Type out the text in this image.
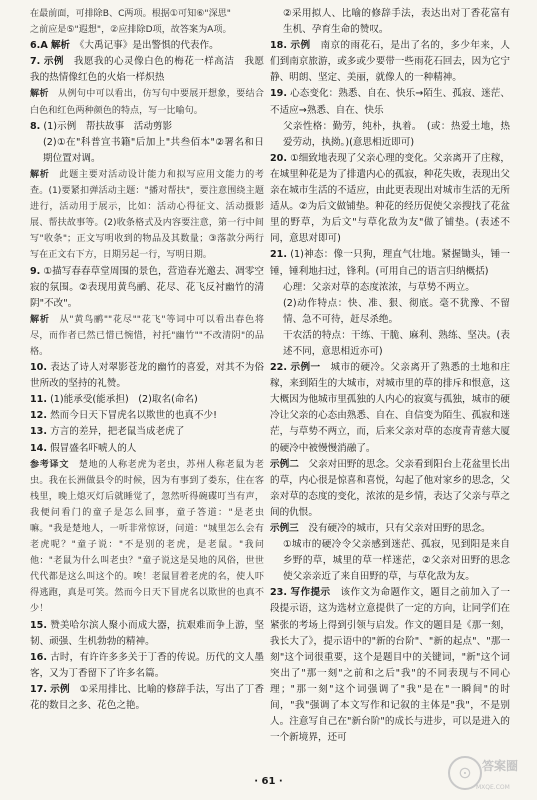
在最前面，可排除B、C两项。根据①可知⑥"深思"

之前应是⑤"遐想"，②应排除D项，故答案为A项。

6.A 解析　 《大禹记事》是出警惧的代表作。

7. 示例　 我愿我的心灵像白色的梅花一样高洁　我愿我的热情像红色的火焰一样炽热

解析　 从例句中可以看出，仿写句中要展开想象，要结合白色和红色两种颜色的特点，写一比喻句。

8. (1)示例　帮扶故事　活动剪影

(2)①在"科普宣书籍"后加上"共叁佰本"②署名和日期位置对调。

解析　 此题主要对活动设计能力和拟写应用文能力的考查。(1)要紧扣弹活动主题："播对帮扶"，要注意围绕主题进行，活动用于展示，比如：活动心得征文、活动摄影展、帮扶故事等。(2)收条格式及内容要注意，第一行中间写"收条"；正文写明收到的物品及其数量；③落款分两行写在正文右下方，日期另起一行，写明日期。

9. ①描写春春草堂周围的景色，营造春光邀去、凋零空寂的氛围。②表现用黄鸟鹂、花尽、花飞反衬幽竹的清阴"不改"。

解析　 从"黄鸟鹂""花尽""花飞"等词中可以看出春色将尽，而作者已然已惜已惋惜，衬托"幽竹""不改清阴"的品格。

10. 表达了诗人对翠影苍龙的幽竹的喜爱，对其不为俗世所改的坚持的礼赞。

11. (1)能承受(能承担)　(2)取名(命名)

12. 然而今日天下冒虎名以欺世的也真不少!

13. 方言的差异，把老鼠当成老虎了

14. 假冒盛名吓唬人的人

参考译文　 楚地的人称老虎为老虫，苏州人称老鼠为老虫。我在长洲做县令的时候，因为有事到了娄东，住在客栈里，晚上熄灭灯后就睡觉了，忽然听得碗碟叮当有声，我便问看门的童子是怎么回事，童子答道："是老虫嘛。"我是楚地人，一听非常惊讶，问道："城里怎么会有老虎呢？"童子说："不是别的老虎，是老鼠。"我问他："老鼠为什么叫老虫？"童子说这是吴地的风俗，世世代代都是这么叫这个的。唉！老鼠冒着老虎的名，使人吓得逃跑，真是可笑。然而今日天下冒虎名以欺世的也真不少！

15. 赞美哈尔滨人聚小而成大器，抗艰难而争上游，坚韧、顽强、生机勃勃的精神。

16. 古时，有许许多多关于丁香的传说。历代的文人墨客，又为丁香留下了许多名篇。

17. 示例　 ①采用排比、比喻的修辞手法，写出了丁香花的数目之多、花色之艳。

②采用拟人、比喻的修辞手法，表达出对丁香花富有生机、孕育生命的赞叹。

18. 示例　 南京的雨花石，是出了名的，多少年来，人们到南京旅游，或多或少要带一些雨花石回去，因为它宁静、明朗、坚定、美丽，就像人的一种精神。

19. 心态变化：熟悉、自在、快乐→陌生、孤寂、迷茫、不适应→熟悉、自在、快乐

父亲性格：勤劳，纯朴，执着。　(或：热爱土地，热爱劳动，执拗。)(意思相近即可)

20. ①细致地表现了父亲心理的变化。父亲离开了庄稼，在城里种花是为了排遣内心的孤寂，种花失败，表现出父亲在城市生活的不适应，由此更表现出对城市生活的无所适从。②为后文做铺垫。种花的经历促使父亲搜找了花盆里的野草，为后文"与草化敌为友"做了铺垫。(表述不同，意思对即可)

21. (1)神态：像一只狗，理直气壮地。紧握锄头，锤一锤，锤利地扫过，锋利。(可用自己的语言归纳概括)

心理：父亲对草的态度浓浓，与草势不两立。

(2)动作特点：快、准、狠、彻底。毫不犹豫、不留情、急不可待，赶尽杀绝。

干农活的特点：干练、干脆、麻利、熟练、坚决。(表述不同，意思相近亦可)

22. 示例一　 城市的硬冷。父亲离开了熟悉的土地和庄稼，来到陌生的大城市，对城市里的草的排斥和恨意，这大概因为他城市里孤独的人内心的寂寞与孤独，城市的硬冷让父亲的心态由熟悉、自在、自信变为陌生、孤寂和迷茫，与草势不两立，而，后来父亲对草的态度青青慈大厦的硬冷中被慢慢消融了。

示例二　 父亲对田野的思念。父亲看到阳台上花盆里长出的草，内心很是惊喜和喜悦，勾起了他对家乡的思念，父亲对草的态度的变化，浓浓的是乡情，表达了父亲与草之间的仇恨。

示例三　 没有硬冷的城市，只有父亲对田野的思念。

①城市的硬冷令父亲感到迷茫、孤寂，见到阳是来自乡野的草，城里的草一样迷茫，②父亲对田野的思念使父亲亲近了来自田野的草，与草化敌为友。

23. 写作提示　 该作文为命题作文，题目之前加入了一段提示语，这为选材立意提供了一定的方向，让同学们在紧张的考场上得到引领与启发。作文的题目是《那一刻，我长大了》，提示语中的"新的台阶"、"新的起点"、"那一刻"这个词很重要，这个是题目中的关键词，"新"这个词突出了"那一刻"之前和之后"我"的不同表现与不同心理；"那一刻"这个词强调了"我"是在"一瞬间"的时间，"我"强调了本文写作和记叙的主体是"我"，不是别人。注意写自己在"新台阶"的成长与进步，可以是进入的一个新境界，还可

· 61 ·	⊙ 答案圈
MXQE.COM
